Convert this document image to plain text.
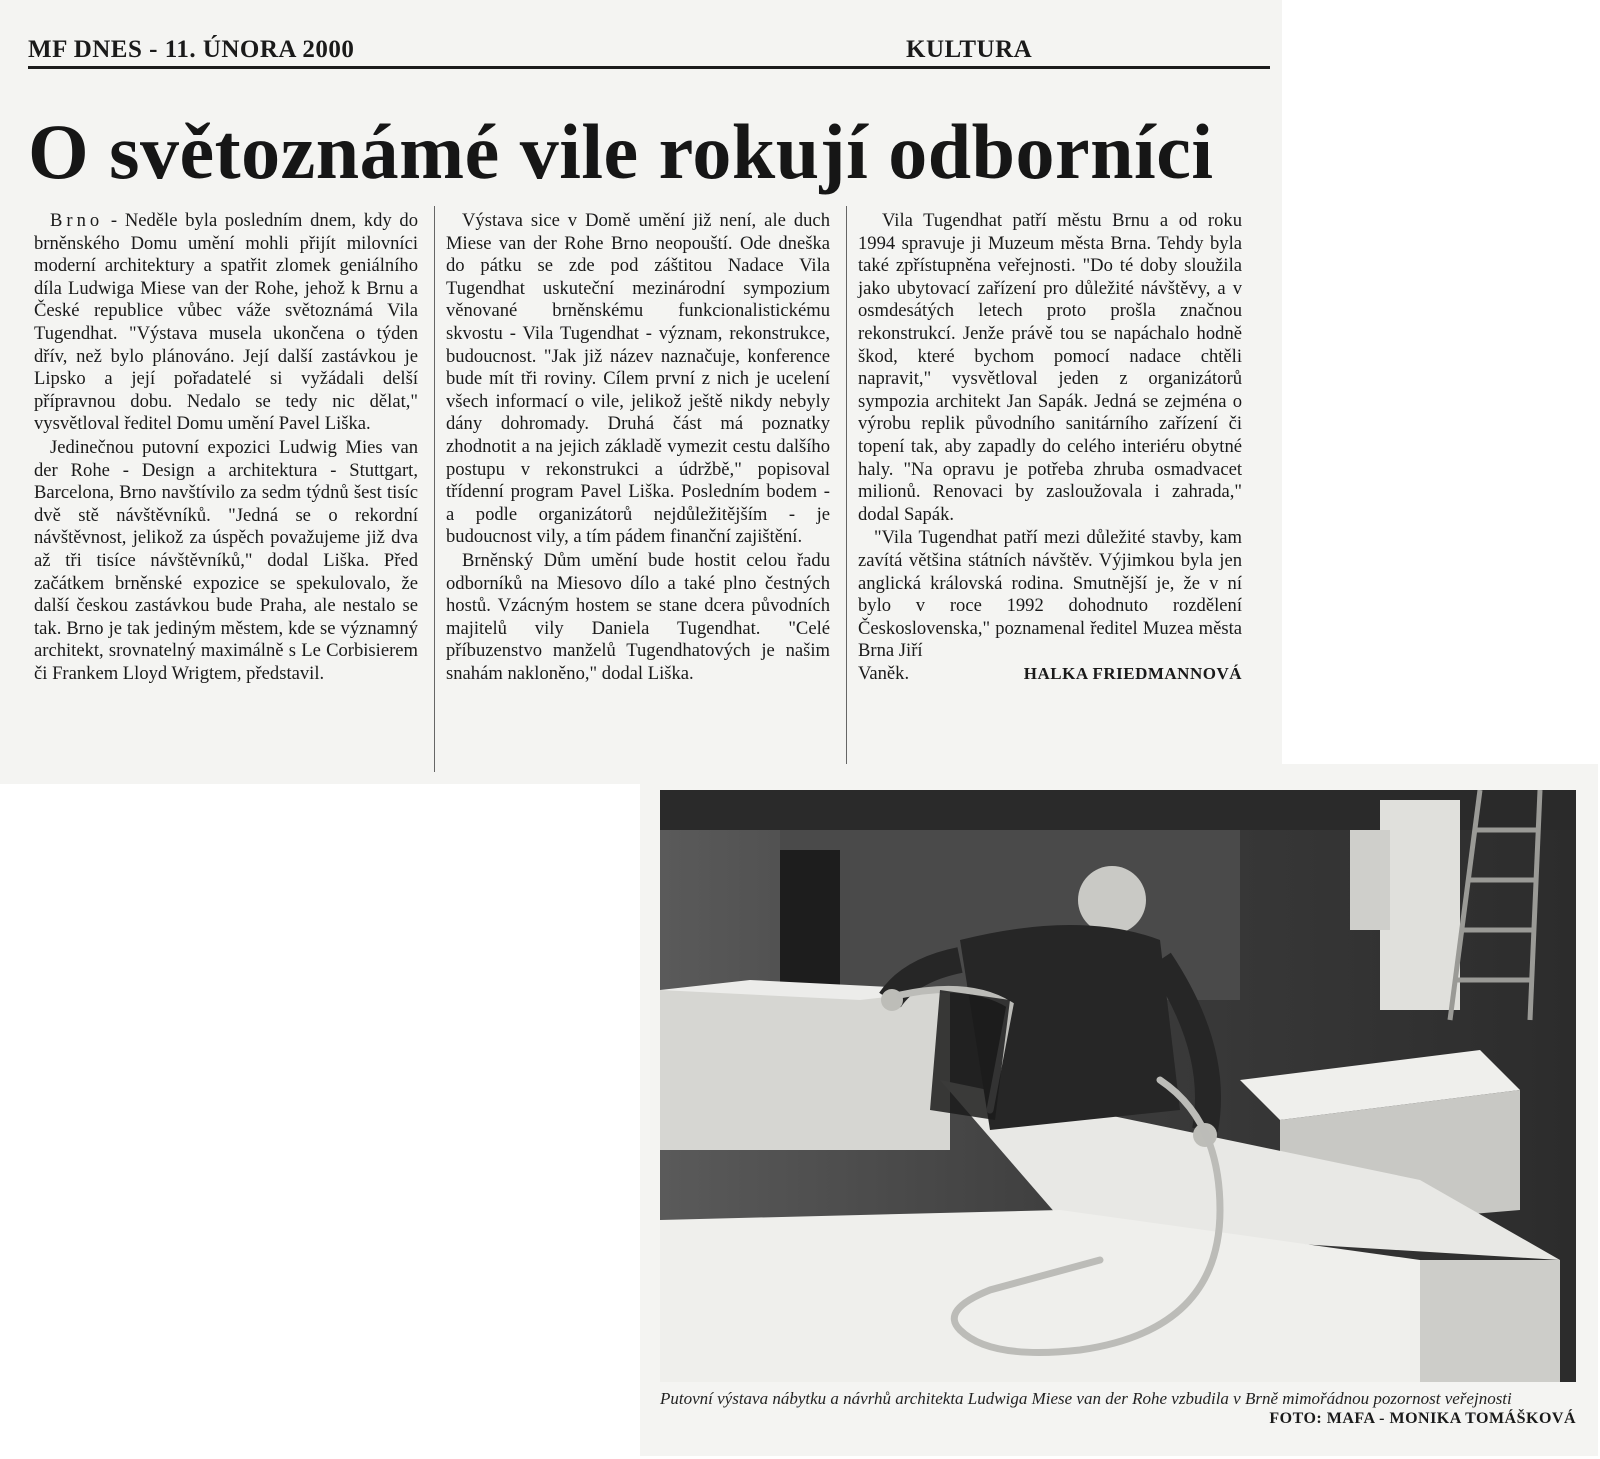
MF DNES - 11. ÚNORA 2000	KULTURA
O světoznámé vile rokují odborníci

Brno - Neděle byla posledním dnem, kdy do brněnského Domu umění mohli přijít milovníci moderní architektury a spatřit zlomek geniálního díla Ludwiga Miese van der Rohe, jehož k Brnu a České republice vůbec váže světoznámá Vila Tugendhat. "Výstava musela ukončena o týden dřív, než bylo plánováno. Její další zastávkou je Lipsko a její pořadatelé si vyžádali delší přípravnou dobu. Nedalo se tedy nic dělat," vysvětloval ředitel Domu umění Pavel Liška.

Jedinečnou putovní expozici Ludwig Mies van der Rohe - Design a architektura - Stuttgart, Barcelona, Brno navštívilo za sedm týdnů šest tisíc dvě stě návštěvníků. "Jedná se o rekordní návštěvnost, jelikož za úspěch považujeme již dva až tři tisíce návštěvníků," dodal Liška. Před začátkem brněnské expozice se spekulovalo, že další českou zastávkou bude Praha, ale nestalo se tak. Brno je tak jediným městem, kde se významný architekt, srovnatelný maximálně s Le Corbisierem či Frankem Lloyd Wrigtem, představil.

Výstava sice v Domě umění již není, ale duch Miese van der Rohe Brno neopouští. Ode dneška do pátku se zde pod záštitou Nadace Vila Tugendhat uskuteční mezinárodní sympozium věnované brněnskému funkcionalistickému skvostu - Vila Tugendhat - význam, rekonstrukce, budoucnost. "Jak již název naznačuje, konference bude mít tři roviny. Cílem první z nich je ucelení všech informací o vile, jelikož ještě nikdy nebyly dány dohromady. Druhá část má poznatky zhodnotit a na jejich základě vymezit cestu dalšího postupu v rekonstrukci a údržbě," popisoval třídenní program Pavel Liška. Posledním bodem - a podle organizátorů nejdůležitějším - je budoucnost vily, a tím pádem finanční zajištění.

Brněnský Dům umění bude hostit celou řadu odborníků na Miesovo dílo a také plno čestných hostů. Vzácným hostem se stane dcera původních majitelů vily Daniela Tugendhat. "Celé příbuzenstvo manželů Tugendhatových je našim snahám nakloněno," dodal Liška.

Vila Tugendhat patří městu Brnu a od roku 1994 spravuje ji Muzeum města Brna. Tehdy byla také zpřístupněna veřejnosti. "Do té doby sloužila jako ubytovací zařízení pro důležité návštěvy, a v osmdesátých letech proto prošla značnou rekonstrukcí. Jenže právě tou se napáchalo hodně škod, které bychom pomocí nadace chtěli napravit," vysvětloval jeden z organizátorů sympozia architekt Jan Sapák. Jedná se zejména o výrobu replik původního sanitárního zařízení či topení tak, aby zapadly do celého interiéru obytné haly. "Na opravu je potřeba zhruba osmadvacet milionů. Renovaci by zasloužovala i zahrada," dodal Sapák.

"Vila Tugendhat patří mezi důležité stavby, kam zavítá většina státních návštěv. Výjimkou byla jen anglická královská rodina. Smutnější je, že v ní bylo v roce 1992 dohodnuto rozdělení Československa," poznamenal ředitel Muzea města Brna Jiří

Vaněk.	HALKA FRIEDMANNOVÁ
Putovní výstava nábytku a návrhů architekta Ludwiga Miese van der Rohe vzbudila v Brně mimořádnou pozornost veřejnosti
FOTO: MAFA - MONIKA TOMÁŠKOVÁ
